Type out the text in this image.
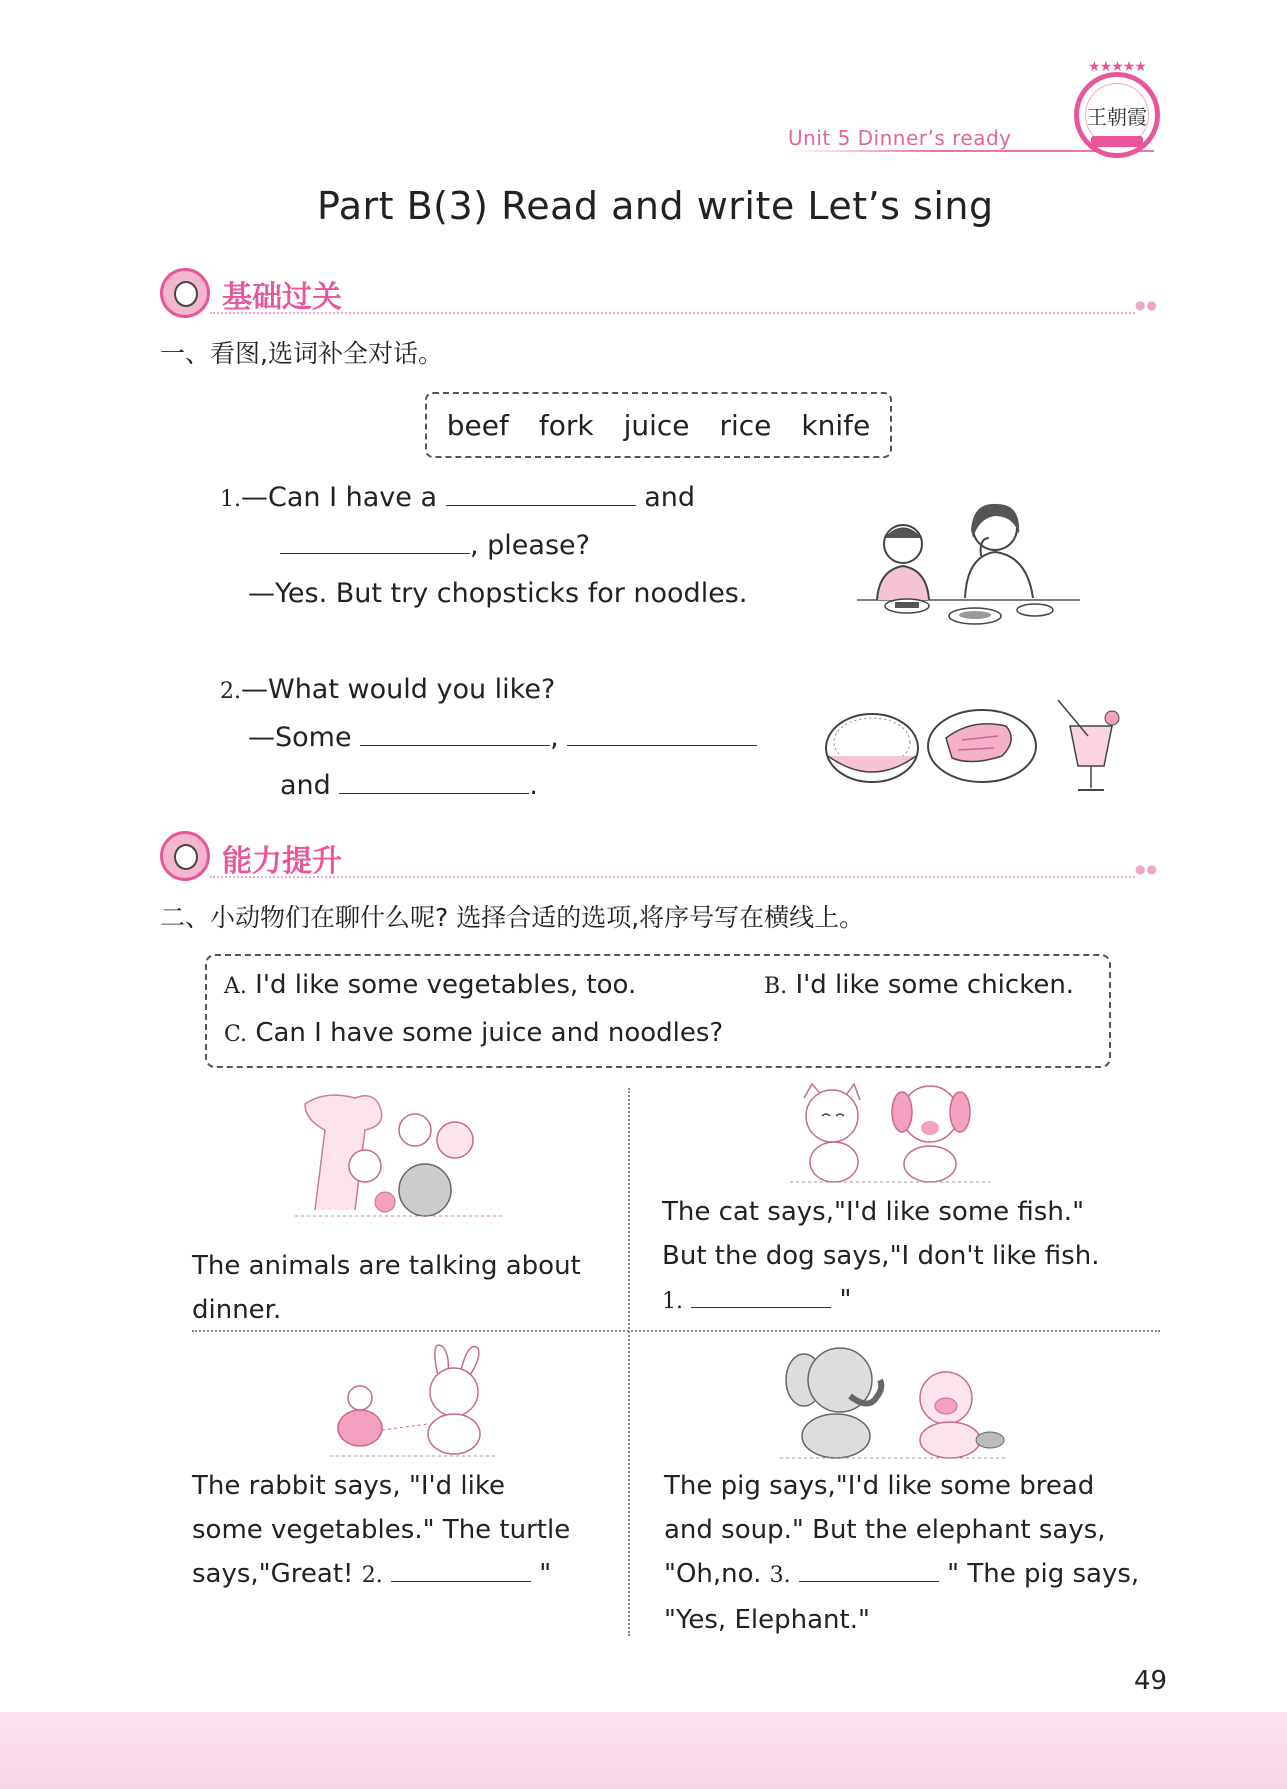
Unit 5 Dinner’s ready
★★★★★
王朝霞
Part B(3) Read and write Let’s sing
基础过关	●●
一、看图,选词补全对话。
beef fork juice rice knife
1.—Can I have a	and
, please?
—Yes. But try chopsticks for noodles.
2.—What would you like?
—Some	,
and	.
能力提升	●●
二、小动物们在聊什么呢? 选择合适的选项,将序号写在横线上。
A. I'd like some vegetables, too.	B. I'd like some chicken.
C. Can I have some juice and noodles?
The animals are talking about
dinner.
The cat says,"I'd like some fish."
But the dog says,"I don't like fish.
1.	"
The rabbit says, "I'd like
some vegetables." The turtle
says,"Great! 2.	"
The pig says,"I'd like some bread
and soup." But the elephant says,
"Oh,no. 3.	" The pig says,
"Yes, Elephant."
49
